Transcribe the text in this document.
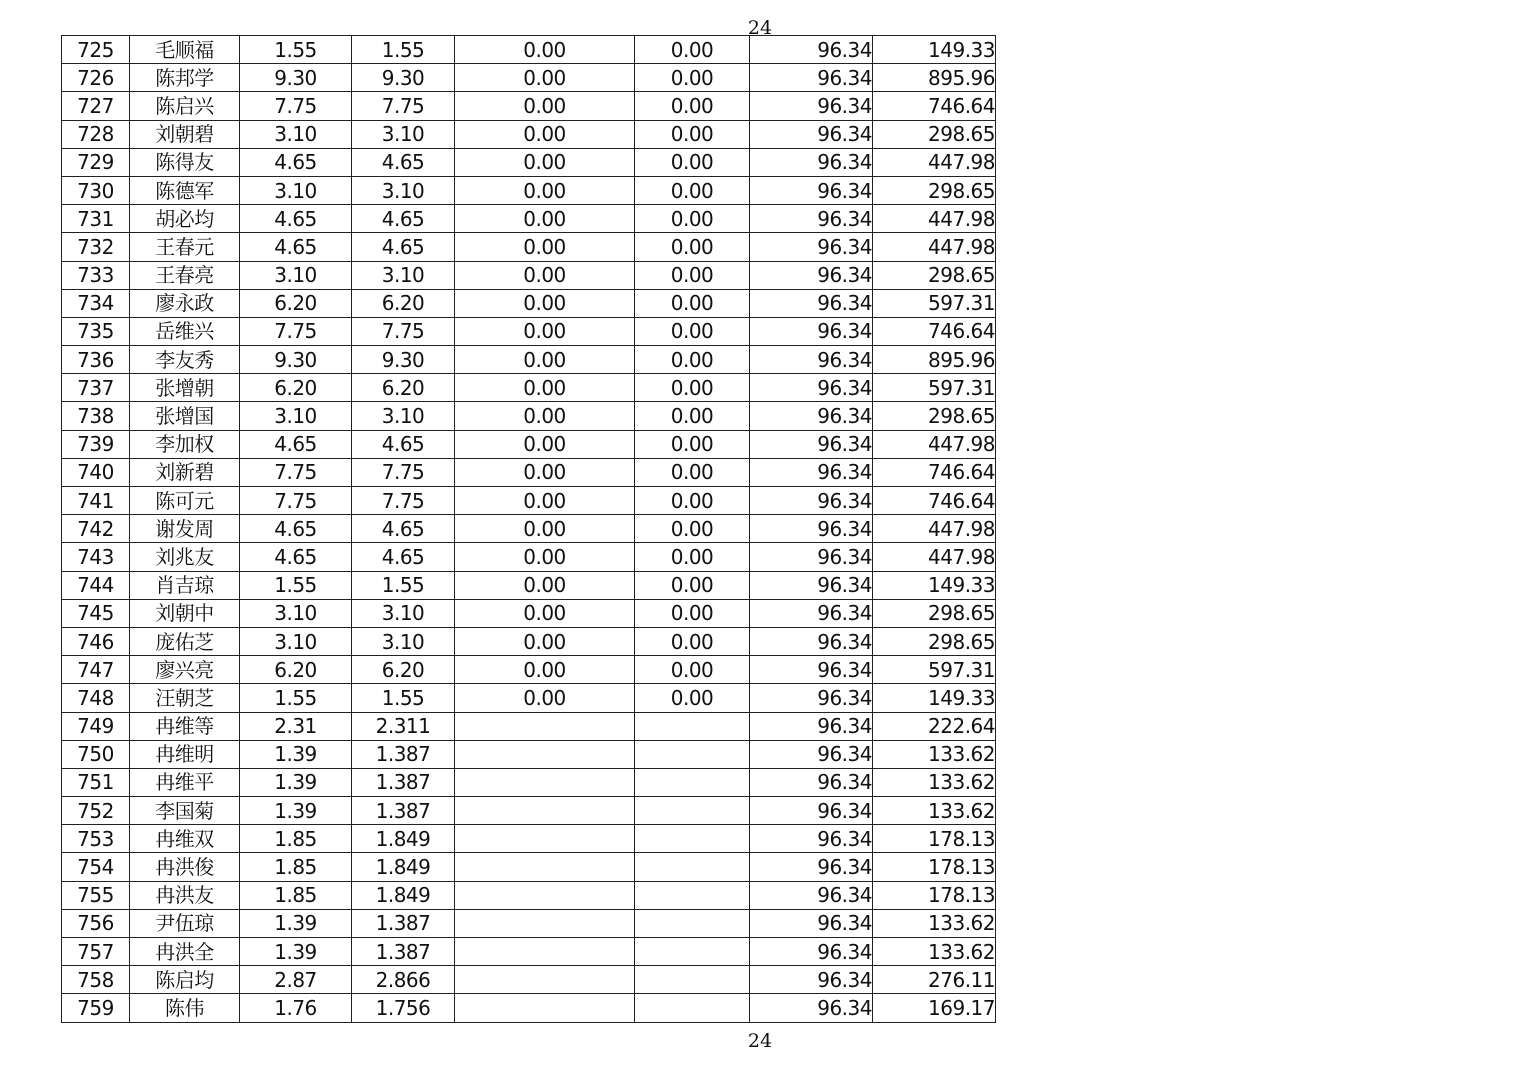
24
725	毛顺福	1.55	1.55	0.00	0.00	96.34	149.33
726	陈邦学	9.30	9.30	0.00	0.00	96.34	895.96
727	陈启兴	7.75	7.75	0.00	0.00	96.34	746.64
728	刘朝碧	3.10	3.10	0.00	0.00	96.34	298.65
729	陈得友	4.65	4.65	0.00	0.00	96.34	447.98
730	陈德军	3.10	3.10	0.00	0.00	96.34	298.65
731	胡必均	4.65	4.65	0.00	0.00	96.34	447.98
732	王春元	4.65	4.65	0.00	0.00	96.34	447.98
733	王春亮	3.10	3.10	0.00	0.00	96.34	298.65
734	廖永政	6.20	6.20	0.00	0.00	96.34	597.31
735	岳维兴	7.75	7.75	0.00	0.00	96.34	746.64
736	李友秀	9.30	9.30	0.00	0.00	96.34	895.96
737	张增朝	6.20	6.20	0.00	0.00	96.34	597.31
738	张增国	3.10	3.10	0.00	0.00	96.34	298.65
739	李加权	4.65	4.65	0.00	0.00	96.34	447.98
740	刘新碧	7.75	7.75	0.00	0.00	96.34	746.64
741	陈可元	7.75	7.75	0.00	0.00	96.34	746.64
742	谢发周	4.65	4.65	0.00	0.00	96.34	447.98
743	刘兆友	4.65	4.65	0.00	0.00	96.34	447.98
744	肖吉琼	1.55	1.55	0.00	0.00	96.34	149.33
745	刘朝中	3.10	3.10	0.00	0.00	96.34	298.65
746	庞佑芝	3.10	3.10	0.00	0.00	96.34	298.65
747	廖兴亮	6.20	6.20	0.00	0.00	96.34	597.31
748	汪朝芝	1.55	1.55	0.00	0.00	96.34	149.33
749	冉维等	2.31	2.311			96.34	222.64
750	冉维明	1.39	1.387			96.34	133.62
751	冉维平	1.39	1.387			96.34	133.62
752	李国菊	1.39	1.387			96.34	133.62
753	冉维双	1.85	1.849			96.34	178.13
754	冉洪俊	1.85	1.849			96.34	178.13
755	冉洪友	1.85	1.849			96.34	178.13
756	尹伍琼	1.39	1.387			96.34	133.62
757	冉洪全	1.39	1.387			96.34	133.62
758	陈启均	2.87	2.866			96.34	276.11
759	陈伟	1.76	1.756			96.34	169.17
24
